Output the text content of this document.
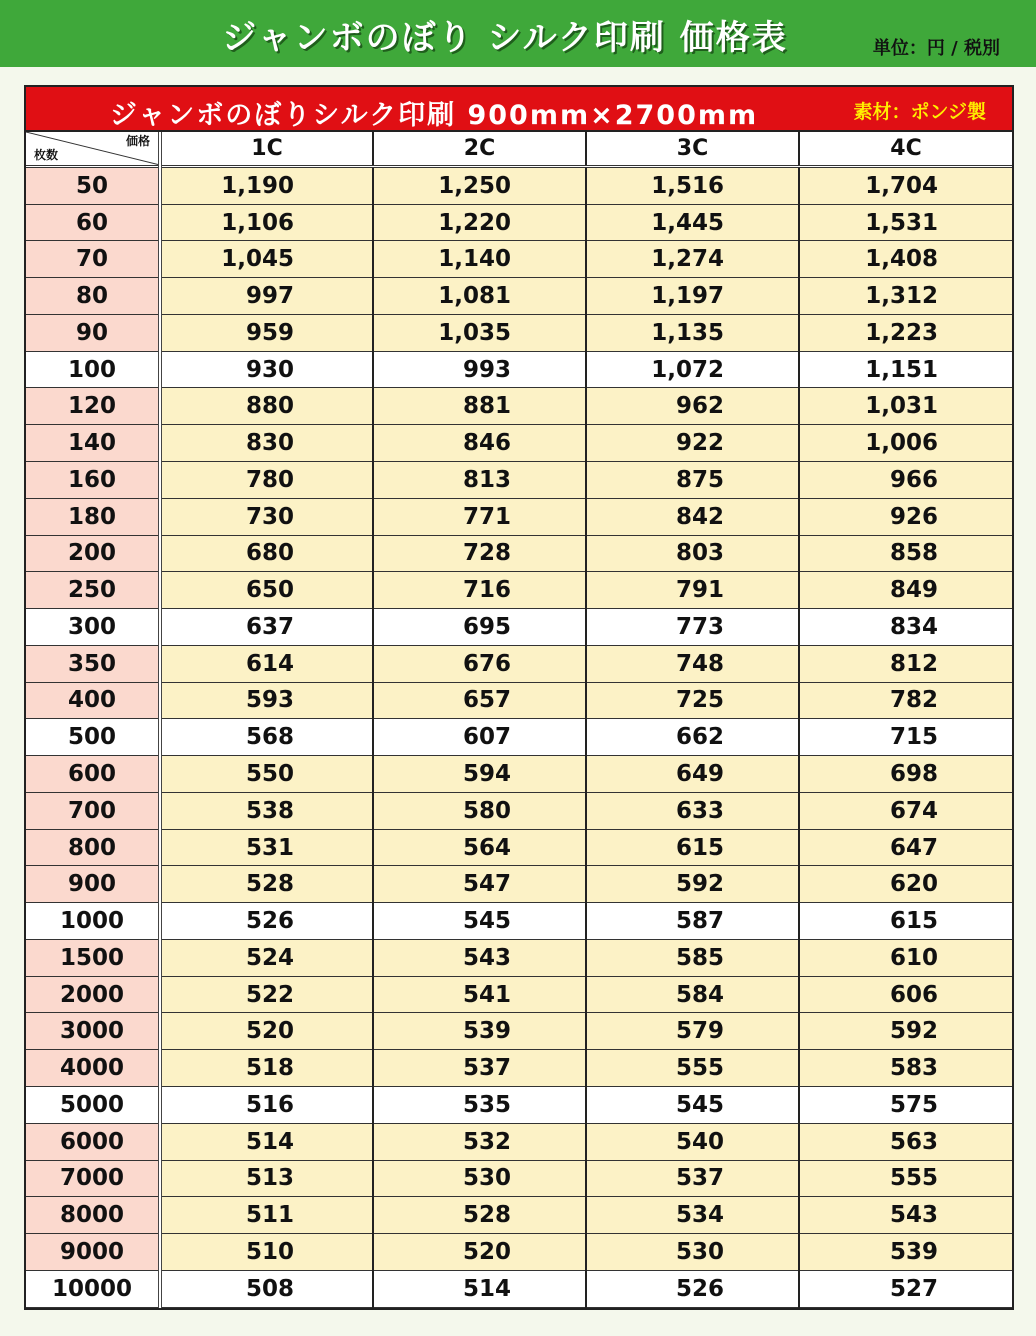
ジャンボのぼり シルク印刷 価格表	単位：円 / 税別
ジャンボのぼりシルク印刷 900mm×2700mm	素材：ポンジ製
価格
枚数	1C	2C	3C	4C
50	1,190	1,250	1,516	1,704
60	1,106	1,220	1,445	1,531
70	1,045	1,140	1,274	1,408
80	997	1,081	1,197	1,312
90	959	1,035	1,135	1,223
100	930	993	1,072	1,151
120	880	881	962	1,031
140	830	846	922	1,006
160	780	813	875	966
180	730	771	842	926
200	680	728	803	858
250	650	716	791	849
300	637	695	773	834
350	614	676	748	812
400	593	657	725	782
500	568	607	662	715
600	550	594	649	698
700	538	580	633	674
800	531	564	615	647
900	528	547	592	620
1000	526	545	587	615
1500	524	543	585	610
2000	522	541	584	606
3000	520	539	579	592
4000	518	537	555	583
5000	516	535	545	575
6000	514	532	540	563
7000	513	530	537	555
8000	511	528	534	543
9000	510	520	530	539
10000	508	514	526	527
